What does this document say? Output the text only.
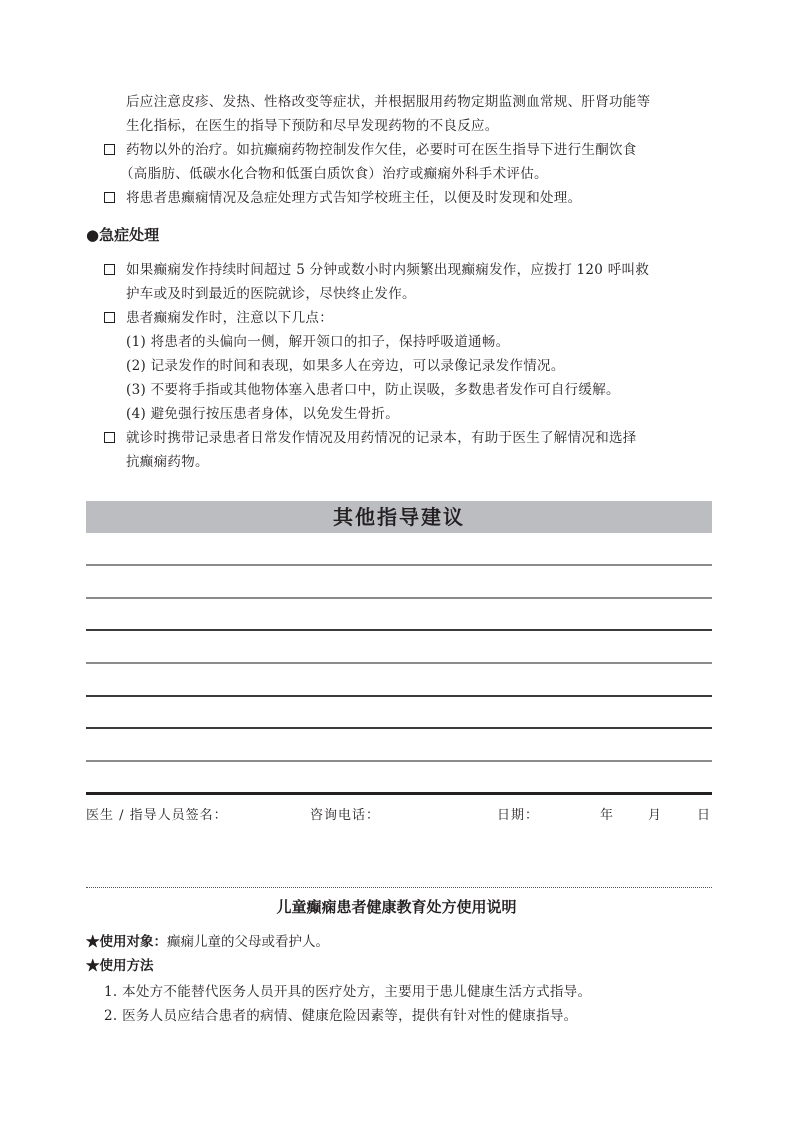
后应注意皮疹、发热、性格改变等症状，并根据服用药物定期监测血常规、肝肾功能等
生化指标，在医生的指导下预防和尽早发现药物的不良反应。
药物以外的治疗。如抗癫痫药物控制发作欠佳，必要时可在医生指导下进行生酮饮食
（高脂肪、低碳水化合物和低蛋白质饮食）治疗或癫痫外科手术评估。
将患者患癫痫情况及急症处理方式告知学校班主任，以便及时发现和处理。
●急症处理
如果癫痫发作持续时间超过 5 分钟或数小时内频繁出现癫痫发作，应拨打 120 呼叫救
护车或及时到最近的医院就诊，尽快终止发作。
患者癫痫发作时，注意以下几点：
(1) 将患者的头偏向一侧，解开领口的扣子，保持呼吸道通畅。
(2) 记录发作的时间和表现，如果多人在旁边，可以录像记录发作情况。
(3) 不要将手指或其他物体塞入患者口中，防止误吸，多数患者发作可自行缓解。
(4) 避免强行按压患者身体，以免发生骨折。
就诊时携带记录患者日常发作情况及用药情况的记录本，有助于医生了解情况和选择
抗癫痫药物。
其他指导建议
医生 / 指导人员签名：	咨询电话：	日期：	年	月	日
儿童癫痫患者健康教育处方使用说明
★使用对象：癫痫儿童的父母或看护人。
★使用方法
1. 本处方不能替代医务人员开具的医疗处方，主要用于患儿健康生活方式指导。
2. 医务人员应结合患者的病情、健康危险因素等，提供有针对性的健康指导。
